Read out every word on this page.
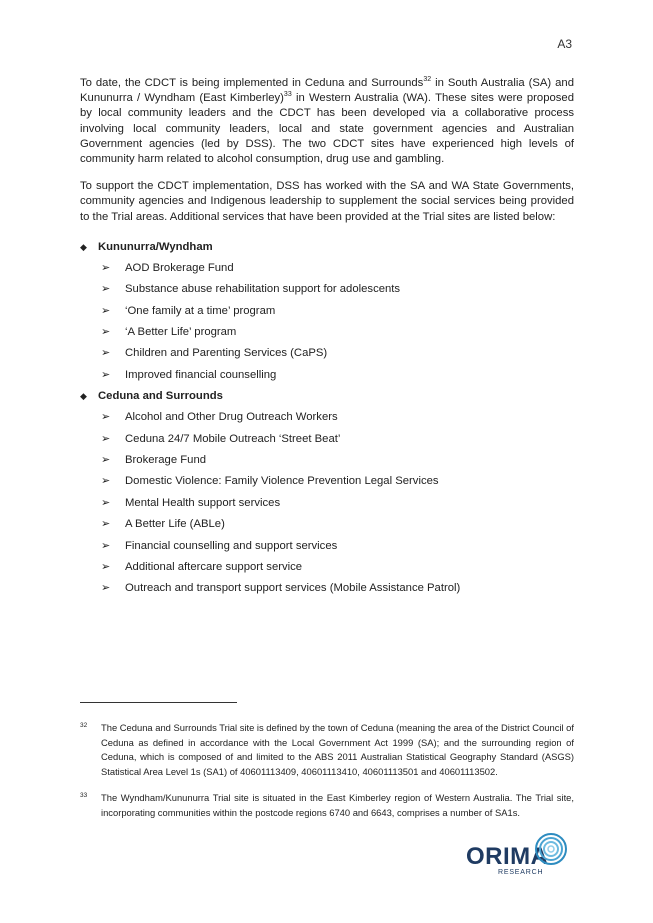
A3

To date, the CDCT is being implemented in Ceduna and Surrounds$^{32}$ in South Australia (SA) and Kununurra / Wyndham (East Kimberley)$^{33}$ in Western Australia (WA). These sites were proposed by local community leaders and the CDCT has been developed via a collaborative process involving local community leaders, local and state government agencies and Australian Government agencies (led by DSS). The two CDCT sites have experienced high levels of community harm related to alcohol consumption, drug use and gambling.

To support the CDCT implementation, DSS has worked with the SA and WA State Governments, community agencies and Indigenous leadership to supplement the social services being provided to the Trial areas. Additional services that have been provided at the Trial sites are listed below:

◆ Kununurra/Wyndham
➢	AOD Brokerage Fund
➢	Substance abuse rehabilitation support for adolescents
➢	‘One family at a time’ program
➢	‘A Better Life’ program
➢	Children and Parenting Services (CaPS)
➢	Improved financial counselling
◆ Ceduna and Surrounds
➢	Alcohol and Other Drug Outreach Workers
➢	Ceduna 24/7 Mobile Outreach ‘Street Beat’
➢	Brokerage Fund
➢	Domestic Violence: Family Violence Prevention Legal Services
➢	Mental Health support services
➢	A Better Life (ABLe)
➢	Financial counselling and support services
➢	Additional aftercare support service
➢	Outreach and transport support services (Mobile Assistance Patrol)
32	The Ceduna and Surrounds Trial site is defined by the town of Ceduna (meaning the area of the District Council of Ceduna as defined in accordance with the Local Government Act 1999 (SA); and the surrounding region of Ceduna, which is composed of and limited to the ABS 2011 Australian Statistical Geography Standard (ASGS) Statistical Area Level 1s (SA1) of 40601113409, 40601113410, 40601113501 and 40601113502.
33	The Wyndham/Kununurra Trial site is situated in the East Kimberley region of Western Australia. The Trial site, incorporating communities within the postcode regions 6740 and 6643, comprises a number of SA1s.
ORIMA
RESEARCH
